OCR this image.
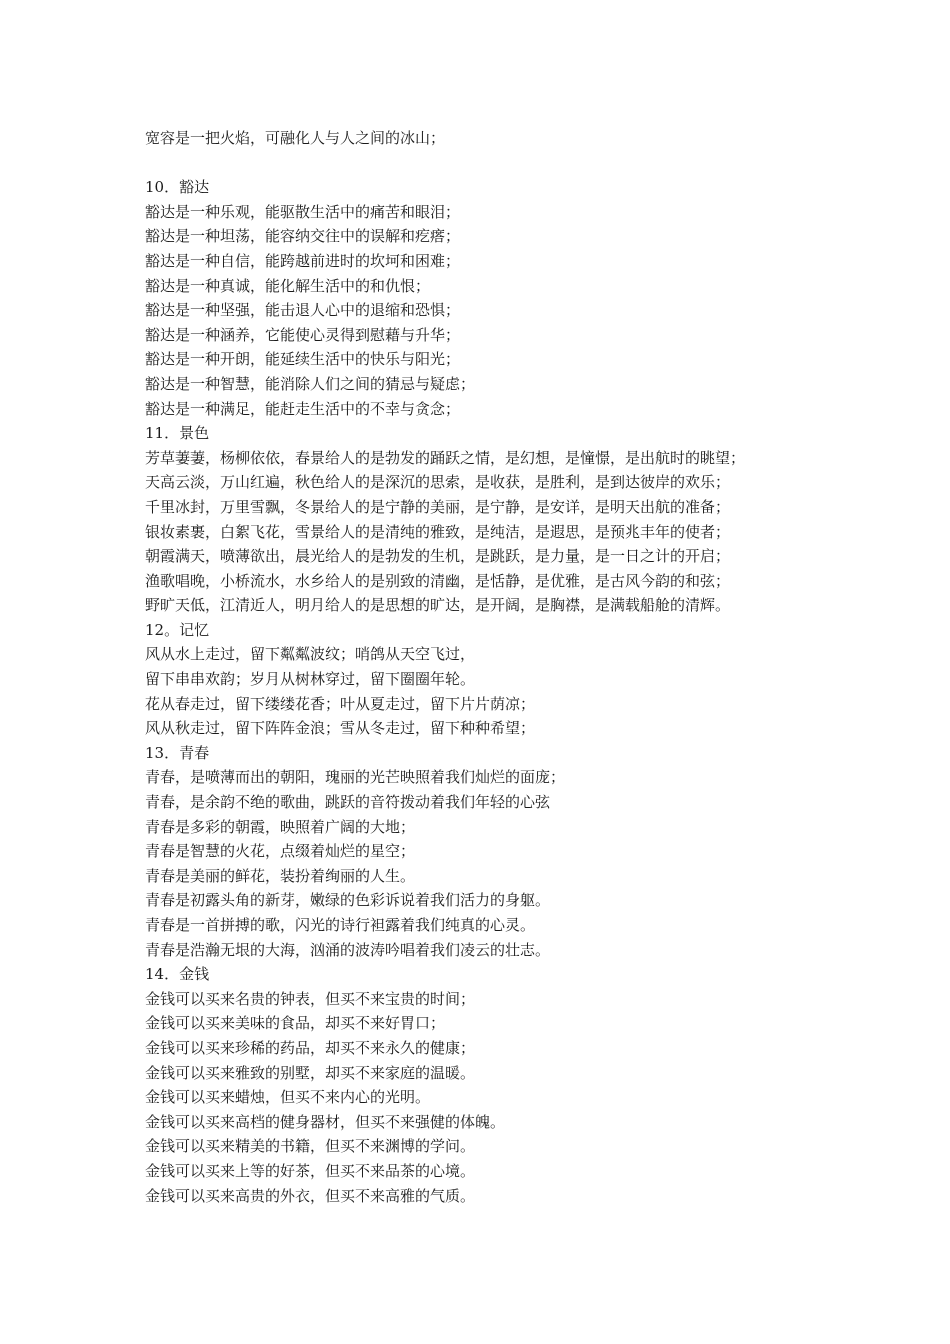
宽容是一把火焰，可融化人与人之间的冰山；
10．豁达
豁达是一种乐观，能驱散生活中的痛苦和眼泪；
豁达是一种坦荡，能容纳交往中的误解和疙瘩；
豁达是一种自信，能跨越前进时的坎坷和困难；
豁达是一种真诚，能化解生活中的和仇恨；
豁达是一种坚强，能击退人心中的退缩和恐惧；
豁达是一种涵养，它能使心灵得到慰藉与升华；
豁达是一种开朗，能延续生活中的快乐与阳光；
豁达是一种智慧，能消除人们之间的猜忌与疑虑；
豁达是一种满足，能赶走生活中的不幸与贪念；
11．景色
芳草萋萋，杨柳依依，春景给人的是勃发的踊跃之情，是幻想，是憧憬，是出航时的眺望；
天高云淡，万山红遍，秋色给人的是深沉的思索，是收获，是胜利，是到达彼岸的欢乐；
千里冰封，万里雪飘，冬景给人的是宁静的美丽，是宁静，是安详，是明天出航的准备；
银妆素裹，白絮飞花，雪景给人的是清纯的雅致，是纯洁，是遐思，是预兆丰年的使者；
朝霞满天，喷薄欲出，晨光给人的是勃发的生机，是跳跃，是力量，是一日之计的开启；
渔歌唱晚，小桥流水，水乡给人的是别致的清幽，是恬静，是优雅，是古风今韵的和弦；
野旷天低，江清近人，明月给人的是思想的旷达，是开阔，是胸襟，是满载船舱的清辉。
12。记忆
风从水上走过，留下粼粼波纹；哨鸽从天空飞过，
留下串串欢韵；岁月从树林穿过，留下圈圈年轮。
花从春走过，留下缕缕花香；叶从夏走过，留下片片荫凉；
风从秋走过，留下阵阵金浪；雪从冬走过，留下种种希望；
13．青春
青春，是喷薄而出的朝阳，瑰丽的光芒映照着我们灿烂的面庞；
青春，是余韵不绝的歌曲，跳跃的音符拨动着我们年轻的心弦
青春是多彩的朝霞，映照着广阔的大地；
青春是智慧的火花，点缀着灿烂的星空；
青春是美丽的鲜花，装扮着绚丽的人生。
青春是初露头角的新芽，嫩绿的色彩诉说着我们活力的身躯。
青春是一首拼搏的歌，闪光的诗行袒露着我们纯真的心灵。
青春是浩瀚无垠的大海，汹涌的波涛吟唱着我们凌云的壮志。
14．金钱
金钱可以买来名贵的钟表，但买不来宝贵的时间；
金钱可以买来美味的食品，却买不来好胃口；
金钱可以买来珍稀的药品，却买不来永久的健康；
金钱可以买来雅致的别墅，却买不来家庭的温暖。
金钱可以买来蜡烛，但买不来内心的光明。
金钱可以买来高档的健身器材，但买不来强健的体魄。
金钱可以买来精美的书籍，但买不来渊博的学问。
金钱可以买来上等的好茶，但买不来品茶的心境。
金钱可以买来高贵的外衣，但买不来高雅的气质。
